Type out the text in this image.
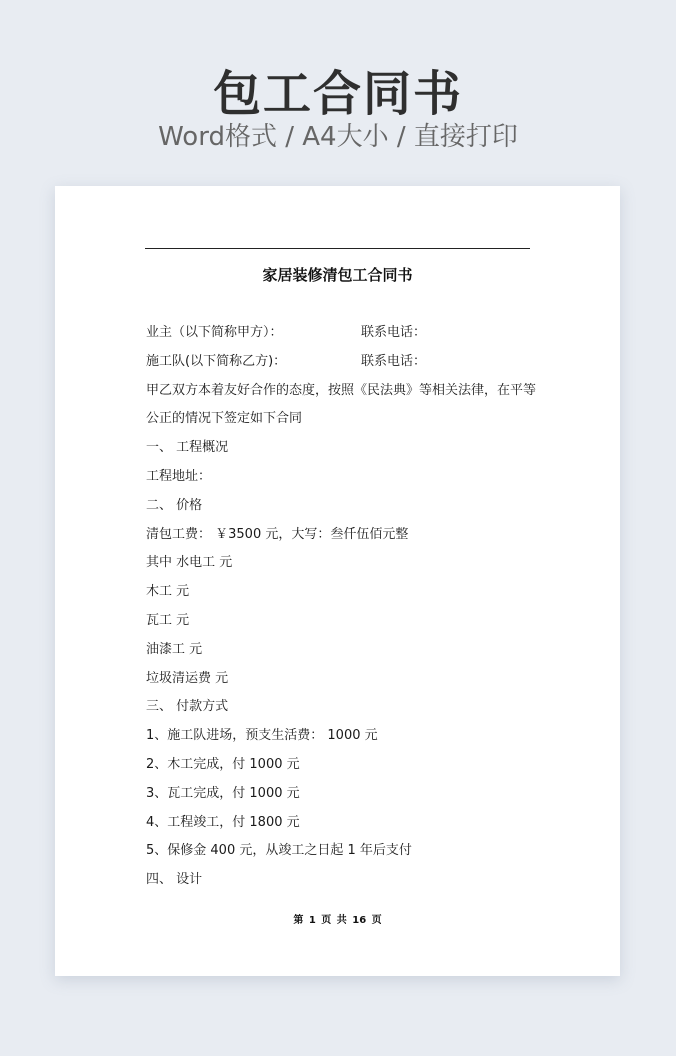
包工合同书
Word格式 / A4大小 / 直接打印
家居装修清包工合同书
业主（以下简称甲方）：	联系电话：
施工队(以下简称乙方)：	联系电话：
甲乙双方本着友好合作的态度，按照《民法典》等相关法律，在平等
公正的情况下签定如下合同
一、 工程概况
工程地址：
二、 价格
清包工费： ￥3500 元，大写：叁仟伍佰元整
其中 水电工 元
木工 元
瓦工 元
油漆工 元
垃圾清运费 元
三、 付款方式
1、施工队进场，预支生活费： 1000 元
2、木工完成，付 1000 元
3、瓦工完成，付 1000 元
4、工程竣工，付 1800 元
5、保修金 400 元，从竣工之日起 1 年后支付
四、 设计
第 1 页 共 16 页
